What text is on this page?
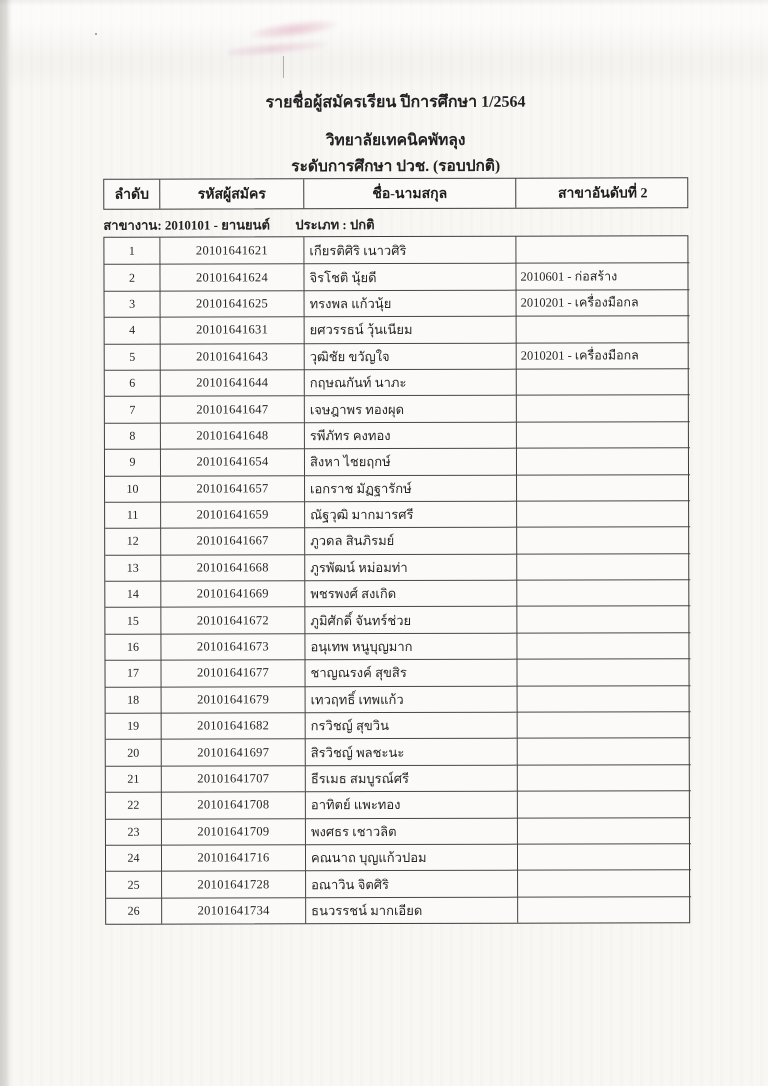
รายชื่อผู้สมัครเรียน ปีการศึกษา 1/2564
วิทยาลัยเทคนิคพัทลุง
ระดับการศึกษา ปวช. (รอบปกติ)
ลำดับ	รหัสผู้สมัคร	ชื่อ-นามสกุล	สาขาอันดับที่ 2
สาขางาน: 2010101 - ยานยนต์ ประเภท : ปกติ
1	20101641621	เกียรติศิริ เนาวศิริ
2	20101641624	จิรโชติ นุ้ยดี	2010601 - ก่อสร้าง
3	20101641625	ทรงพล แก้วนุ้ย	2010201 - เครื่องมือกล
4	20101641631	ยศวรรธน์ วุ้นเนียม
5	20101641643	วุฒิชัย ขวัญใจ	2010201 - เครื่องมือกล
6	20101641644	กฤษณกันท์ นาภะ
7	20101641647	เจษฎาพร ทองผุด
8	20101641648	รพีภัทร คงทอง
9	20101641654	สิงหา ไชยฤกษ์
10	20101641657	เอกราช มัฏฐารักษ์
11	20101641659	ณัฐวุฒิ มากมารศรี
12	20101641667	ภูวดล สินภิรมย์
13	20101641668	ภูรพัฒน์ หม่อมท่า
14	20101641669	พชรพงศ์ สงเกิด
15	20101641672	ภูมิศักดิ์ จันทร์ช่วย
16	20101641673	อนุเทพ หนูบุญมาก
17	20101641677	ชาญณรงค์ สุขสิร
18	20101641679	เทวฤทธิ์ เทพแก้ว
19	20101641682	กรวิชญ์ สุขวิน
20	20101641697	สิรวิชญ์ พลชะนะ
21	20101641707	ธีรเมธ สมบูรณ์ศรี
22	20101641708	อาทิตย์ แพะทอง
23	20101641709	พงศธร เชาวลิต
24	20101641716	คณนาถ บุญแก้วปอม
25	20101641728	อณาวิน จิตศิริ
26	20101641734	ธนวรรชน์ มากเอียด
